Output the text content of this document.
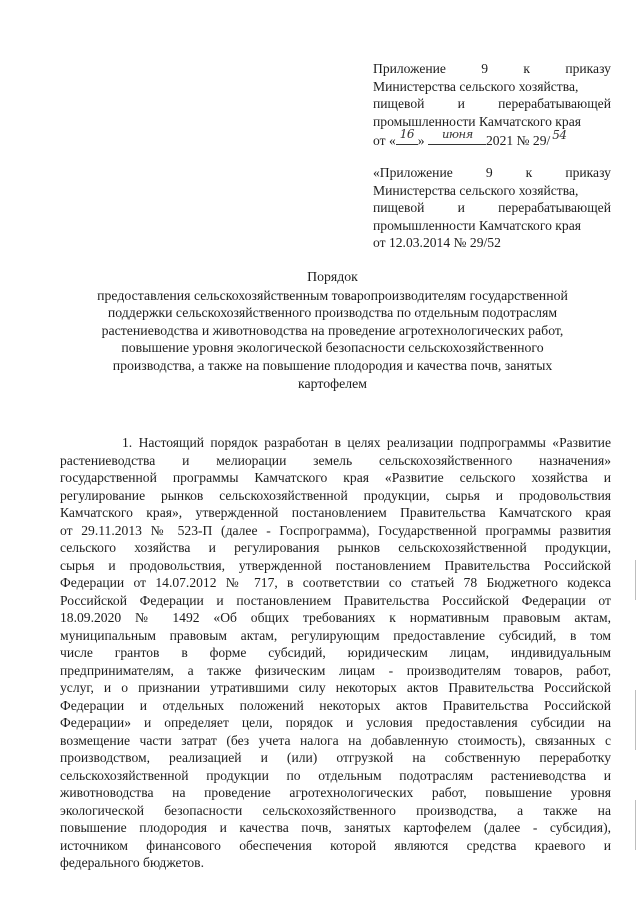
Приложение	9	к	приказу
Министерства сельского хозяйства,
пищевой и перерабатывающей
промышленности Камчатского края
от « 16 » июня 2021 № 29/ 54
«Приложение 9 к приказу
Министерства сельского хозяйства,
пищевой и перерабатывающей
промышленности Камчатского края
от 12.03.2014 № 29/52
Порядок
предоставления сельскохозяйственным товаропроизводителям государственной
поддержки сельскохозяйственного производства по отдельным подотраслям
растениеводства и животноводства на проведение агротехнологических работ,
повышение уровня экологической безопасности сельскохозяйственного
производства, а также на повышение плодородия и качества почв, занятых
картофелем
1. Настоящий порядок разработан в целях реализации подпрограммы «Развитие
растениеводства и мелиорации земель сельскохозяйственного назначения»
государственной программы Камчатского края «Развитие сельского хозяйства и
регулирование рынков сельскохозяйственной продукции, сырья и продовольствия
Камчатского края», утвержденной постановлением Правительства Камчатского края
от 29.11.2013 № 523-П (далее - Госпрограмма), Государственной программы развития
сельского хозяйства и регулирования рынков сельскохозяйственной продукции,
сырья и продовольствия, утвержденной постановлением Правительства Российской
Федерации от 14.07.2012 № 717, в соответствии со статьей 78 Бюджетного кодекса
Российской Федерации и постановлением Правительства Российской Федерации от
18.09.2020 № 1492 «Об общих требованиях к нормативным правовым актам,
муниципальным правовым актам, регулирующим предоставление субсидий, в том
числе грантов в форме субсидий, юридическим лицам, индивидуальным
предпринимателям, а также физическим лицам - производителям товаров, работ,
услуг, и о признании утратившими силу некоторых актов Правительства Российской
Федерации и отдельных положений некоторых актов Правительства Российской
Федерации» и определяет цели, порядок и условия предоставления субсидии на
возмещение части затрат (без учета налога на добавленную стоимость), связанных с
производством, реализацией и (или) отгрузкой на собственную переработку
сельскохозяйственной продукции по отдельным подотраслям растениеводства и
животноводства на проведение агротехнологических работ, повышение уровня
экологической безопасности сельскохозяйственного производства, а также на
повышение плодородия и качества почв, занятых картофелем (далее - субсидия),
источником финансового обеспечения которой являются средства краевого и
федерального бюджетов.
